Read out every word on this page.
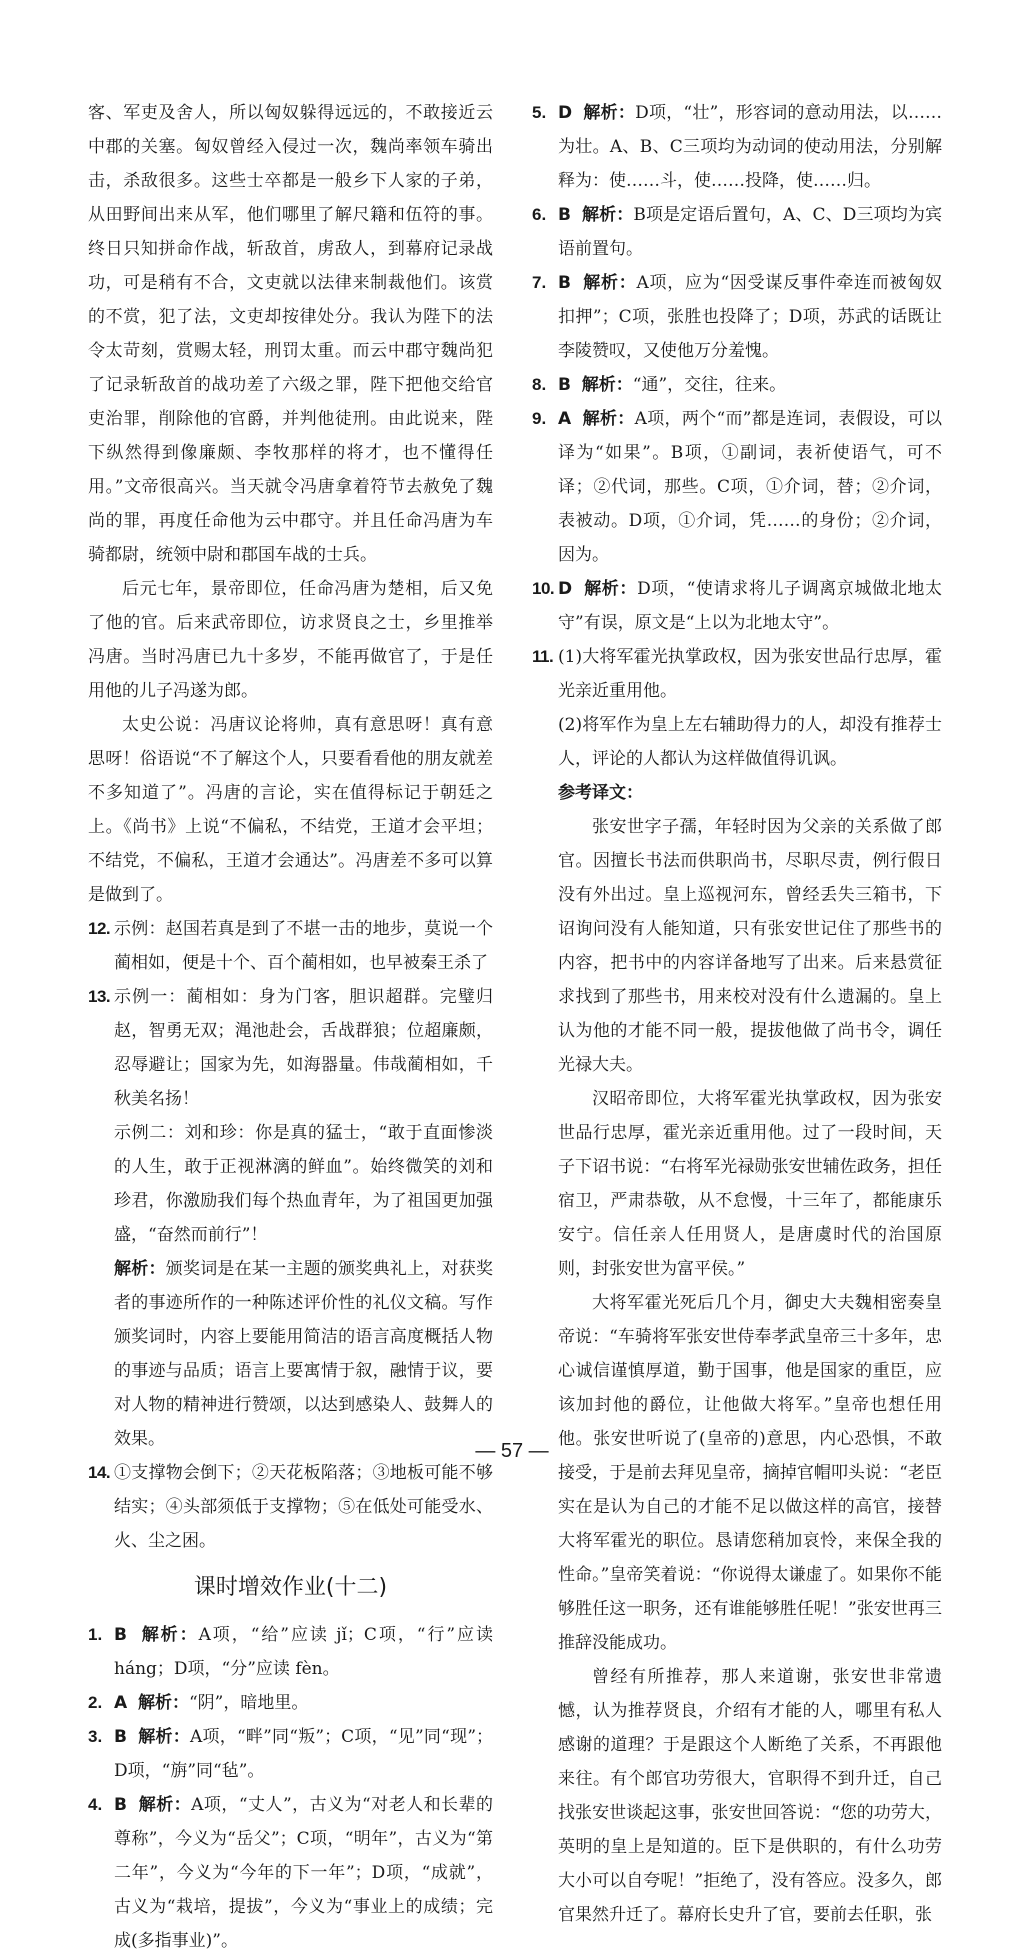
客、军吏及舍人，所以匈奴躲得远远的，不敢接近云中郡的关塞。匈奴曾经入侵过一次，魏尚率领车骑出击，杀敌很多。这些士卒都是一般乡下人家的子弟，从田野间出来从军，他们哪里了解尺籍和伍符的事。终日只知拼命作战，斩敌首，虏敌人，到幕府记录战功，可是稍有不合，文吏就以法律来制裁他们。该赏的不赏，犯了法，文吏却按律处分。我认为陛下的法令太苛刻，赏赐太轻，刑罚太重。而云中郡守魏尚犯了记录斩敌首的战功差了六级之罪，陛下把他交给官吏治罪，削除他的官爵，并判他徒刑。由此说来，陛下纵然得到像廉颇、李牧那样的将才，也不懂得任用。”文帝很高兴。当天就令冯唐拿着符节去赦免了魏尚的罪，再度任命他为云中郡守。并且任命冯唐为车骑都尉，统领中尉和郡国车战的士兵。

后元七年，景帝即位，任命冯唐为楚相，后又免了他的官。后来武帝即位，访求贤良之士，乡里推举冯唐。当时冯唐已九十多岁，不能再做官了，于是任用他的儿子冯遂为郎。

太史公说：冯唐议论将帅，真有意思呀！真有意思呀！俗语说“不了解这个人，只要看看他的朋友就差不多知道了”。冯唐的言论，实在值得标记于朝廷之上。《尚书》上说“不偏私，不结党，王道才会平坦；不结党，不偏私，王道才会通达”。冯唐差不多可以算是做到了。

12. 示例：赵国若真是到了不堪一击的地步，莫说一个蔺相如，便是十个、百个蔺相如，也早被秦王杀了

13. 示例一：蔺相如：身为门客，胆识超群。完璧归赵，智勇无双；渑池赴会，舌战群狼；位超廉颇，忍辱避让；国家为先，如海器量。伟哉蔺相如，千秋美名扬！

示例二：刘和珍：你是真的猛士，“敢于直面惨淡的人生，敢于正视淋漓的鲜血”。始终微笑的刘和珍君，你激励我们每个热血青年，为了祖国更加强盛，“奋然而前行”！

解析：颁奖词是在某一主题的颁奖典礼上，对获奖者的事迹所作的一种陈述评价性的礼仪文稿。写作颁奖词时，内容上要能用简洁的语言高度概括人物的事迹与品质；语言上要寓情于叙，融情于议，要对人物的精神进行赞颂，以达到感染人、鼓舞人的效果。

14. ①支撑物会倒下；②天花板陷落；③地板可能不够结实；④头部须低于支撑物；⑤在低处可能受水、火、尘之困。

课时增效作业(十二)
1. B 解析：A项，“给”应读 jǐ；C项，“行”应读 háng；D项，“分”应读 fèn。

2. A 解析：“阴”，暗地里。

3. B 解析：A项，“畔”同“叛”；C项，“见”同“现”；D项，“旃”同“毡”。

4. B 解析：A项，“丈人”，古义为“对老人和长辈的尊称”，今义为“岳父”；C项，“明年”，古义为“第二年”，今义为“今年的下一年”；D项，“成就”，古义为“栽培，提拔”，今义为“事业上的成绩；完成(多指事业)”。

5. D 解析：D项，“壮”，形容词的意动用法，以……为壮。A、B、C三项均为动词的使动用法，分别解释为：使……斗，使……投降，使……归。

6. B 解析：B项是定语后置句，A、C、D三项均为宾语前置句。

7. B 解析：A项，应为“因受谋反事件牵连而被匈奴扣押”；C项，张胜也投降了；D项，苏武的话既让李陵赞叹，又使他万分羞愧。

8. B 解析：“通”，交往，往来。

9. A 解析：A项，两个“而”都是连词，表假设，可以译为“如果”。B项，①副词，表祈使语气，可不译；②代词，那些。C项，①介词，替；②介词，表被动。D项，①介词，凭……的身份；②介词，因为。

10. D 解析：D项，“使请求将儿子调离京城做北地太守”有误，原文是“上以为北地太守”。

11. (1)大将军霍光执掌政权，因为张安世品行忠厚，霍光亲近重用他。

(2)将军作为皇上左右辅助得力的人，却没有推荐士人，评论的人都认为这样做值得讥讽。

参考译文：

张安世字子孺，年轻时因为父亲的关系做了郎官。因擅长书法而供职尚书，尽职尽责，例行假日没有外出过。皇上巡视河东，曾经丢失三箱书，下诏询问没有人能知道，只有张安世记住了那些书的内容，把书中的内容详备地写了出来。后来悬赏征求找到了那些书，用来校对没有什么遗漏的。皇上认为他的才能不同一般，提拔他做了尚书令，调任光禄大夫。

汉昭帝即位，大将军霍光执掌政权，因为张安世品行忠厚，霍光亲近重用他。过了一段时间，天子下诏书说：“右将军光禄勋张安世辅佐政务，担任宿卫，严肃恭敬，从不怠慢，十三年了，都能康乐安宁。信任亲人任用贤人，是唐虞时代的治国原则，封张安世为富平侯。”

大将军霍光死后几个月，御史大夫魏相密奏皇帝说：“车骑将军张安世侍奉孝武皇帝三十多年，忠心诚信谨慎厚道，勤于国事，他是国家的重臣，应该加封他的爵位，让他做大将军。”皇帝也想任用他。张安世听说了(皇帝的)意思，内心恐惧，不敢接受，于是前去拜见皇帝，摘掉官帽叩头说：“老臣实在是认为自己的才能不足以做这样的高官，接替大将军霍光的职位。恳请您稍加哀怜，来保全我的性命。”皇帝笑着说：“你说得太谦虚了。如果你不能够胜任这一职务，还有谁能够胜任呢！”张安世再三推辞没能成功。

曾经有所推荐，那人来道谢，张安世非常遗憾，认为推荐贤良，介绍有才能的人，哪里有私人感谢的道理？于是跟这个人断绝了关系，不再跟他来往。有个郎官功劳很大，官职得不到升迁，自己找张安世谈起这事，张安世回答说：“您的功劳大，英明的皇上是知道的。臣下是供职的，有什么功劳大小可以自夸呢！”拒绝了，没有答应。没多久，郎官果然升迁了。幕府长史升了官，要前去任职，张

— 57 —
